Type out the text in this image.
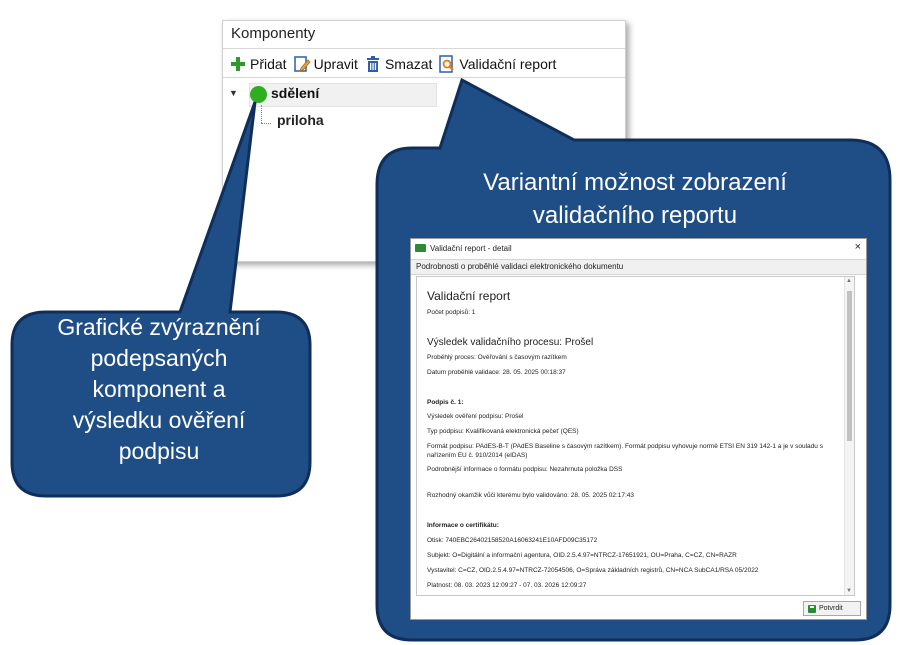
Komponenty
Přidat Upravit Smazat Validační report
▼ sdělení
priloha
Grafické zvýraznění
podepsaných
komponent a
výsledku ověření
podpisu
Variantní možnost zobrazení
validačního reportu
Validační report - detail	×
Podrobnosti o proběhlé validaci elektronického dokumentu
Validační report
Počet podpisů: 1
Výsledek validačního procesu: Prošel
Proběhlý proces: Ověřování s časovým razítkem
Datum proběhlé validace: 28. 05. 2025 00:18:37
Podpis č. 1:
Výsledek ověření podpisu: Prošel
Typ podpisu: Kvalifikovaná elektronická pečeť (QES)
Formát podpisu: PAdES-B-T (PAdES Baseline s časovým razítkem). Formát podpisu vyhovuje normě ETSI EN 319 142-1 a je v souladu s
nařízením EU č. 910/2014 (eIDAS)
Podrobnější informace o formátu podpisu: Nezahrnuta položka DSS
Rozhodný okamžik vůči kterému bylo validováno: 28. 05. 2025 02:17:43
Informace o certifikátu:
Otisk: 740EBC26402158520A16063241E10AFD09C35172
Subjekt: O=Digitální a informační agentura, OID.2.5.4.97=NTRCZ-17651921, OU=Praha, C=CZ, CN=RAZR
Vystavitel: C=CZ, OID.2.5.4.97=NTRCZ-72054506, O=Správa základních registrů, CN=NCA SubCA1/RSA 05/2022
Platnost: 08. 03. 2023 12:09:27 - 07. 03. 2026 12:09:27
▲
▼
Potvrdit
